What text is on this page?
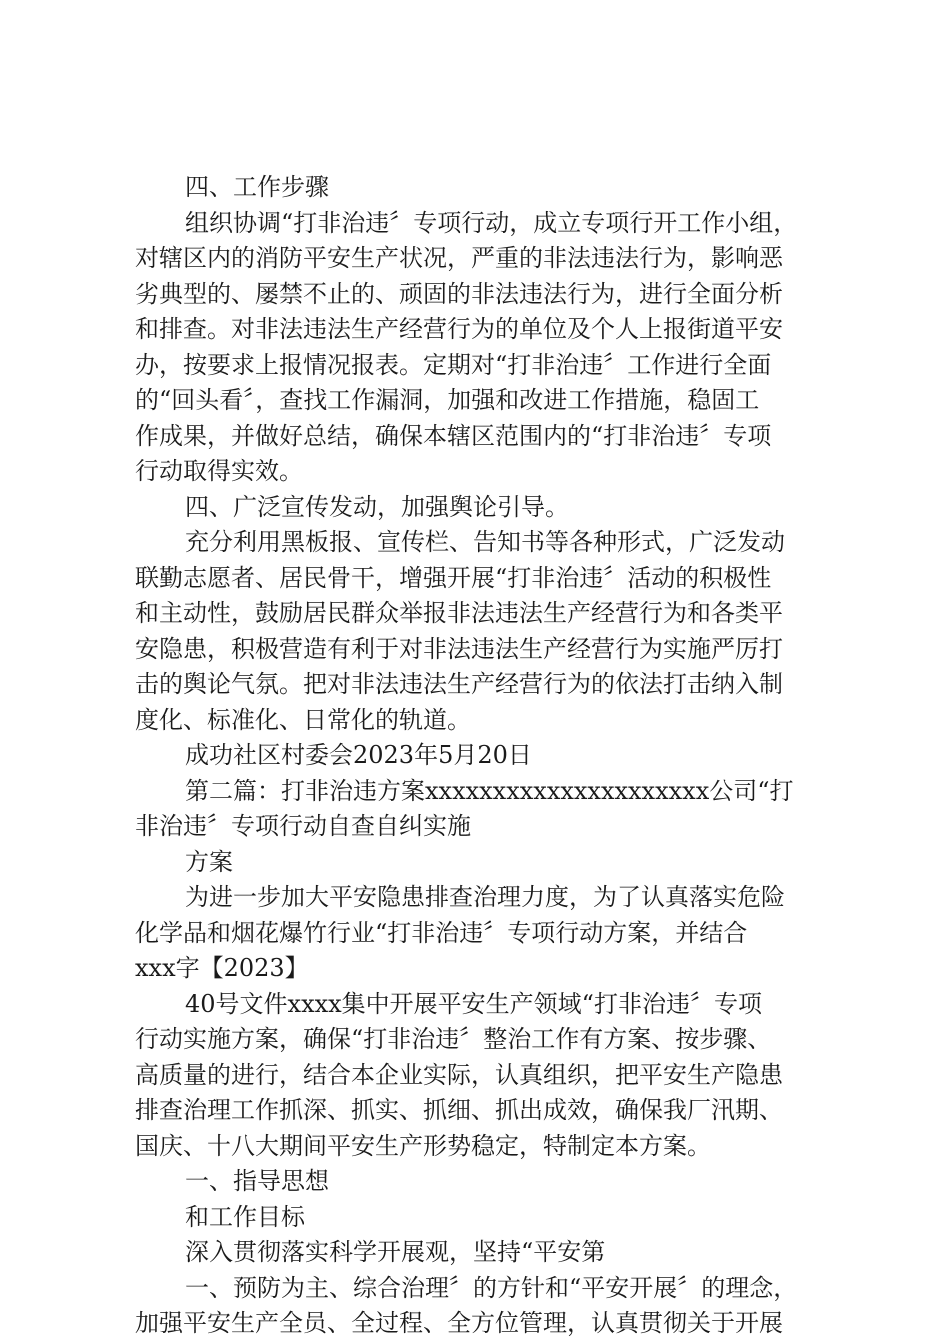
四、工作步骤
组织协调“打非治违〞专项行动，成立专项行开工作小组，
对辖区内的消防平安生产状况，严重的非法违法行为，影响恶
劣典型的、屡禁不止的、顽固的非法违法行为，进行全面分析
和排查。对非法违法生产经营行为的单位及个人上报街道平安
办，按要求上报情况报表。定期对“打非治违〞工作进行全面
的“回头看〞，查找工作漏洞，加强和改进工作措施，稳固工
作成果，并做好总结，确保本辖区范围内的“打非治违〞专项
行动取得实效。
四、广泛宣传发动，加强舆论引导。
充分利用黑板报、宣传栏、告知书等各种形式，广泛发动
联勤志愿者、居民骨干，增强开展“打非治违〞活动的积极性
和主动性，鼓励居民群众举报非法违法生产经营行为和各类平
安隐患，积极营造有利于对非法违法生产经营行为实施严厉打
击的舆论气氛。把对非法违法生产经营行为的依法打击纳入制
度化、标准化、日常化的轨道。
成功社区村委会2023年5月20日
第二篇：打非治违方案xxxxxxxxxxxxxxxxxxxxx公司“打
非治违〞专项行动自查自纠实施
方案
为进一步加大平安隐患排查治理力度，为了认真落实危险
化学品和烟花爆竹行业“打非治违〞专项行动方案，并结合
xxx字【2023】
40号文件xxxx集中开展平安生产领域“打非治违〞专项
行动实施方案，确保“打非治违〞整治工作有方案、按步骤、
高质量的进行，结合本企业实际，认真组织，把平安生产隐患
排查治理工作抓深、抓实、抓细、抓出成效，确保我厂汛期、
国庆、十八大期间平安生产形势稳定，特制定本方案。
一、指导思想
和工作目标
深入贯彻落实科学开展观，坚持“平安第
一、预防为主、综合治理〞的方针和“平安开展〞的理念，
加强平安生产全员、全过程、全方位管理，认真贯彻关于开展
